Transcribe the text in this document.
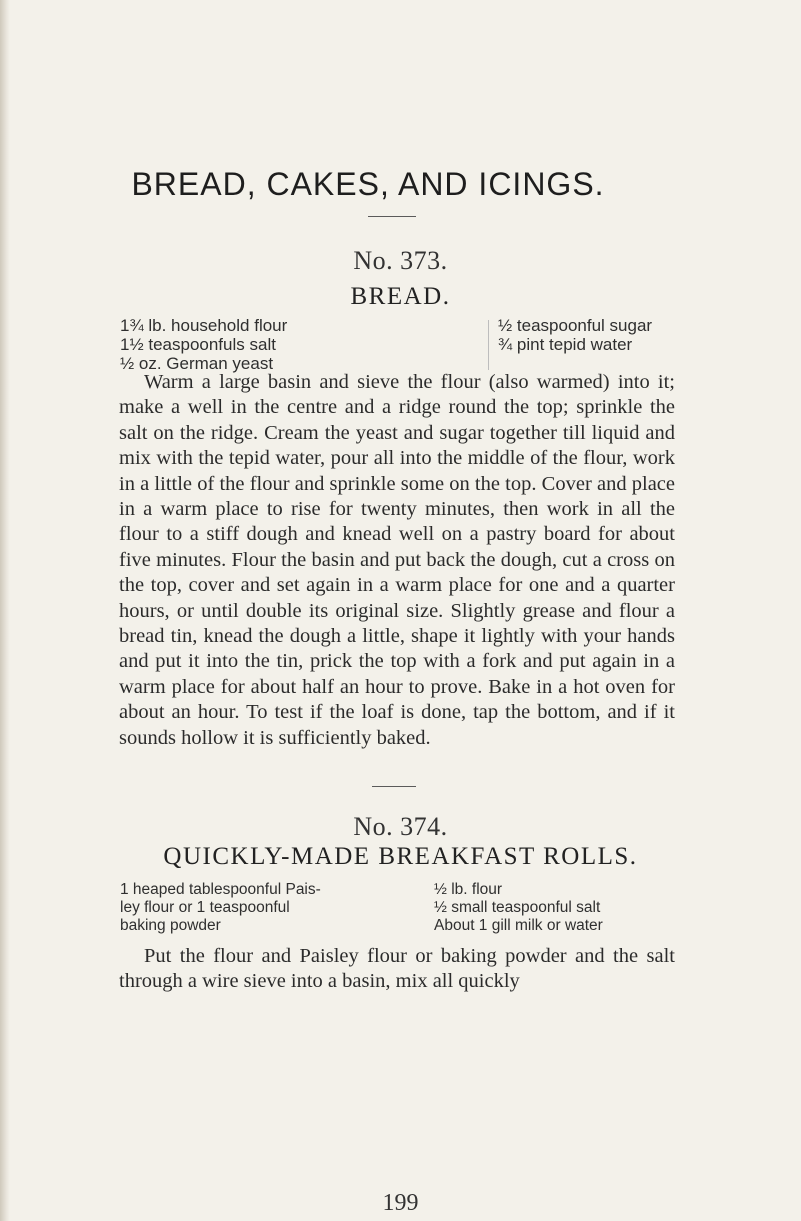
BREAD, CAKES, AND ICINGS.
No. 373.
BREAD.
1¾ lb. household flour
1½ teaspoonfuls salt
½ oz. German yeast
½ teaspoonful sugar
¾ pint tepid water
Warm a large basin and sieve the flour (also warmed) into it; make a well in the centre and a ridge round the top; sprinkle the salt on the ridge. Cream the yeast and sugar together till liquid and mix with the tepid water, pour all into the middle of the flour, work in a little of the flour and sprinkle some on the top. Cover and place in a warm place to rise for twenty minutes, then work in all the flour to a stiff dough and knead well on a pastry board for about five minutes. Flour the basin and put back the dough, cut a cross on the top, cover and set again in a warm place for one and a quarter hours, or until double its original size. Slightly grease and flour a bread tin, knead the dough a little, shape it lightly with your hands and put it into the tin, prick the top with a fork and put again in a warm place for about half an hour to prove. Bake in a hot oven for about an hour. To test if the loaf is done, tap the bottom, and if it sounds hollow it is sufficiently baked.
No. 374.
QUICKLY-MADE BREAKFAST ROLLS.
1 heaped tablespoonful Pais-
ley flour or 1 teaspoonful
baking powder
½ lb. flour
½ small teaspoonful salt
About 1 gill milk or water
Put the flour and Paisley flour or baking powder and the salt through a wire sieve into a basin, mix all quickly
199
